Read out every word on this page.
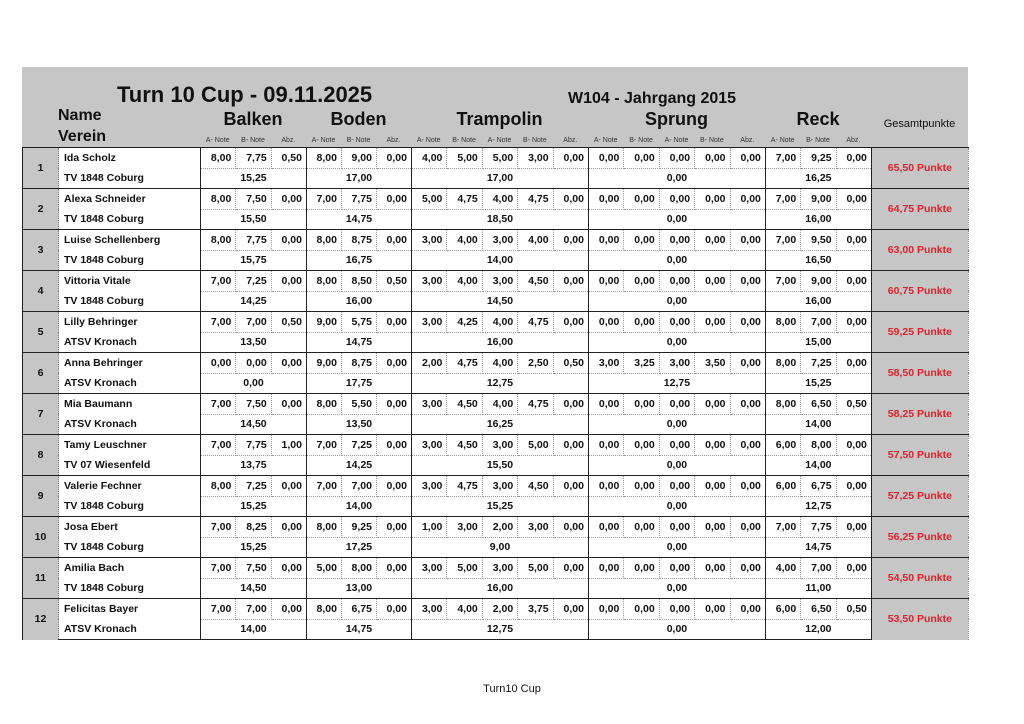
Turn 10 Cup - 09.11.2025	W104 - Jahrgang 2015
Name
Verein
Gesamtpunkte
Balken
A- Note	B- Note	Abz.
Boden
A- Note	B- Note	Abz.
Trampolin
A- Note	B- Note	A- Note	B- Note	Abz.
Sprung
A- Note	B- Note	A- Note	B- Note	Abz.
Reck
A- Note	B- Note	Abz.
1	Ida Scholz	8,00	7,75	0,50	8,00	9,00	0,00	4,00	5,00	5,00	3,00	0,00	0,00	0,00	0,00	0,00	0,00	7,00	9,25	0,00	65,50 Punkte
	TV 1848 Coburg	15,25			17,00			17,00					0,00					16,25			
2	Alexa Schneider	8,00	7,50	0,00	7,00	7,75	0,00	5,00	4,75	4,00	4,75	0,00	0,00	0,00	0,00	0,00	0,00	7,00	9,00	0,00	64,75 Punkte
	TV 1848 Coburg	15,50			14,75			18,50					0,00					16,00			
3	Luise Schellenberg	8,00	7,75	0,00	8,00	8,75	0,00	3,00	4,00	3,00	4,00	0,00	0,00	0,00	0,00	0,00	0,00	7,00	9,50	0,00	63,00 Punkte
	TV 1848 Coburg	15,75			16,75			14,00					0,00					16,50			
4	Vittoria Vitale	7,00	7,25	0,00	8,00	8,50	0,50	3,00	4,00	3,00	4,50	0,00	0,00	0,00	0,00	0,00	0,00	7,00	9,00	0,00	60,75 Punkte
	TV 1848 Coburg	14,25			16,00			14,50					0,00					16,00			
5	Lilly Behringer	7,00	7,00	0,50	9,00	5,75	0,00	3,00	4,25	4,00	4,75	0,00	0,00	0,00	0,00	0,00	0,00	8,00	7,00	0,00	59,25 Punkte
	ATSV Kronach	13,50			14,75			16,00					0,00					15,00			
6	Anna Behringer	0,00	0,00	0,00	9,00	8,75	0,00	2,00	4,75	4,00	2,50	0,50	3,00	3,25	3,00	3,50	0,00	8,00	7,25	0,00	58,50 Punkte
	ATSV Kronach	0,00			17,75			12,75					12,75					15,25			
7	Mia Baumann	7,00	7,50	0,00	8,00	5,50	0,00	3,00	4,50	4,00	4,75	0,00	0,00	0,00	0,00	0,00	0,00	8,00	6,50	0,50	58,25 Punkte
	ATSV Kronach	14,50			13,50			16,25					0,00					14,00			
8	Tamy Leuschner	7,00	7,75	1,00	7,00	7,25	0,00	3,00	4,50	3,00	5,00	0,00	0,00	0,00	0,00	0,00	0,00	6,00	8,00	0,00	57,50 Punkte
	TV 07 Wiesenfeld	13,75			14,25			15,50					0,00					14,00			
9	Valerie Fechner	8,00	7,25	0,00	7,00	7,00	0,00	3,00	4,75	3,00	4,50	0,00	0,00	0,00	0,00	0,00	0,00	6,00	6,75	0,00	57,25 Punkte
	TV 1848 Coburg	15,25			14,00			15,25					0,00					12,75			
10	Josa Ebert	7,00	8,25	0,00	8,00	9,25	0,00	1,00	3,00	2,00	3,00	0,00	0,00	0,00	0,00	0,00	0,00	7,00	7,75	0,00	56,25 Punkte
	TV 1848 Coburg	15,25			17,25			9,00					0,00					14,75			
11	Amilia Bach	7,00	7,50	0,00	5,00	8,00	0,00	3,00	5,00	3,00	5,00	0,00	0,00	0,00	0,00	0,00	0,00	4,00	7,00	0,00	54,50 Punkte
	TV 1848 Coburg	14,50			13,00			16,00					0,00					11,00			
12	Felicitas Bayer	7,00	7,00	0,00	8,00	6,75	0,00	3,00	4,00	2,00	3,75	0,00	0,00	0,00	0,00	0,00	0,00	6,00	6,50	0,50	53,50 Punkte
	ATSV Kronach	14,00			14,75			12,75					0,00					12,00			
Turn10 Cup
